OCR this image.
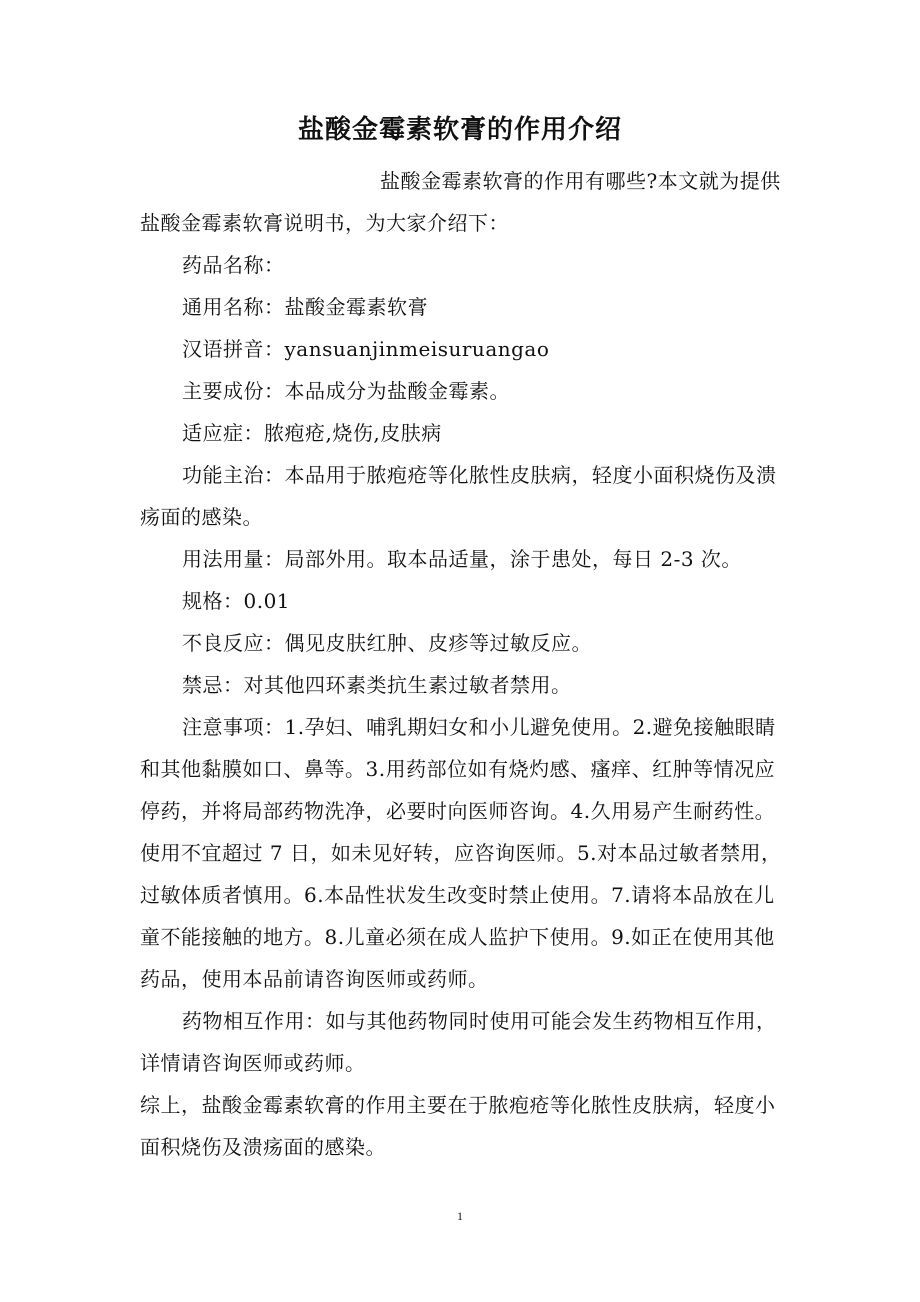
盐酸金霉素软膏的作用介绍

盐酸金霉素软膏的作用有哪些?本文就为提供盐酸金霉素软膏说明书，为大家介绍下：

药品名称：

通用名称：盐酸金霉素软膏

汉语拼音：yansuanjinmeisuruangao

主要成份：本品成分为盐酸金霉素。

适应症：脓疱疮,烧伤,皮肤病

功能主治：本品用于脓疱疮等化脓性皮肤病，轻度小面积烧伤及溃疡面的感染。

用法用量：局部外用。取本品适量，涂于患处，每日 2-3 次。

规格：0.01

不良反应：偶见皮肤红肿、皮疹等过敏反应。

禁忌：对其他四环素类抗生素过敏者禁用。

注意事项：1.孕妇、哺乳期妇女和小儿避免使用。2.避免接触眼睛和其他黏膜如口、鼻等。3.用药部位如有烧灼感、瘙痒、红肿等情况应停药，并将局部药物洗净，必要时向医师咨询。4.久用易产生耐药性。使用不宜超过 7 日，如未见好转，应咨询医师。5.对本品过敏者禁用，过敏体质者慎用。6.本品性状发生改变时禁止使用。7.请将本品放在儿童不能接触的地方。8.儿童必须在成人监护下使用。9.如正在使用其他药品，使用本品前请咨询医师或药师。

药物相互作用：如与其他药物同时使用可能会发生药物相互作用，详情请咨询医师或药师。

综上，盐酸金霉素软膏的作用主要在于脓疱疮等化脓性皮肤病，轻度小面积烧伤及溃疡面的感染。

1
